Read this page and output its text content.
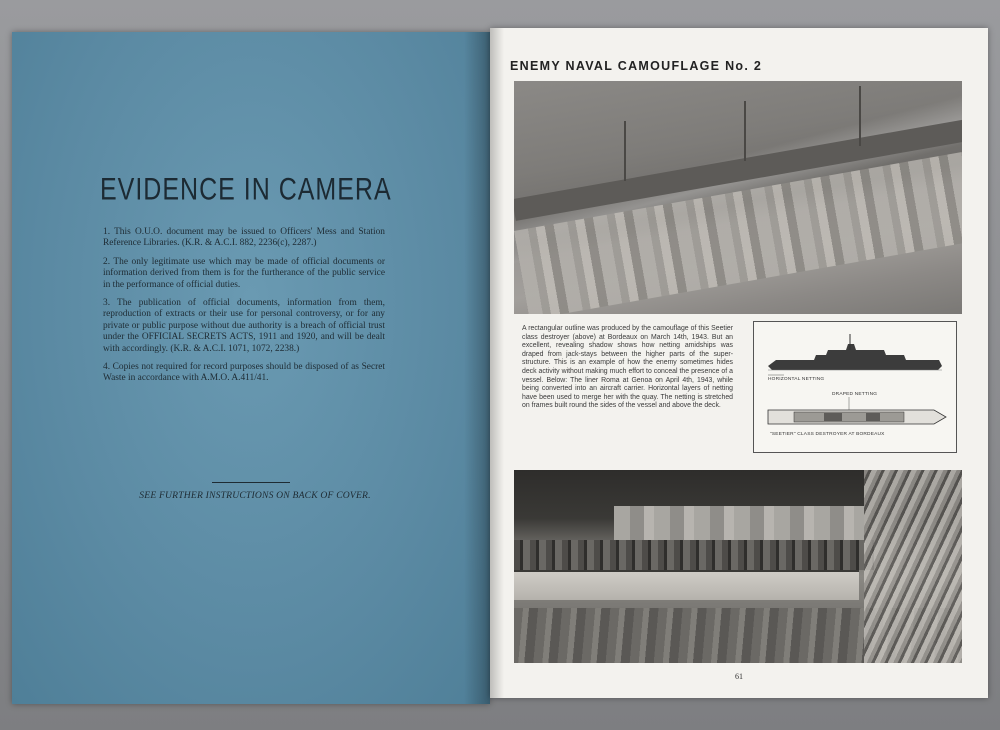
EVIDENCE IN CAMERA

1. This O.U.O. document may be issued to Officers' Mess and Station Reference Libraries. (K.R. & A.C.I. 882, 2236(c), 2287.)

2. The only legitimate use which may be made of official documents or information derived from them is for the furtherance of the public service in the performance of official duties.

3. The publication of official documents, information from them, reproduction of extracts or their use for personal controversy, or for any private or public purpose without due authority is a breach of official trust under the OFFICIAL SECRETS ACTS, 1911 and 1920, and will be dealt with accordingly. (K.R. & A.C.I. 1071, 1072, 2238.)

4. Copies not required for record purposes should be disposed of as Secret Waste in accordance with A.M.O. A.411/41.

SEE FURTHER INSTRUCTIONS ON BACK OF COVER.
ENEMY NAVAL CAMOUFLAGE No. 2
A rectangular outline was produced by the camouflage of this Seetier class destroyer (above) at Bordeaux on March 14th, 1943. But an excellent, revealing shadow shows how netting amidships was draped from jack-stays between the higher parts of the super-structure. This is an example of how the enemy sometimes hides deck activity without making much effort to conceal the presence of a vessel. Below: The liner Roma at Genoa on April 4th, 1943, while being converted into an aircraft carrier. Horizontal layers of netting have been used to merge her with the quay. The netting is stretched on frames built round the sides of the vessel and above the deck.
HORIZONTAL NETTING
DRAPED NETTING
"SEETIER" CLASS DESTROYER AT BORDEAUX
61
